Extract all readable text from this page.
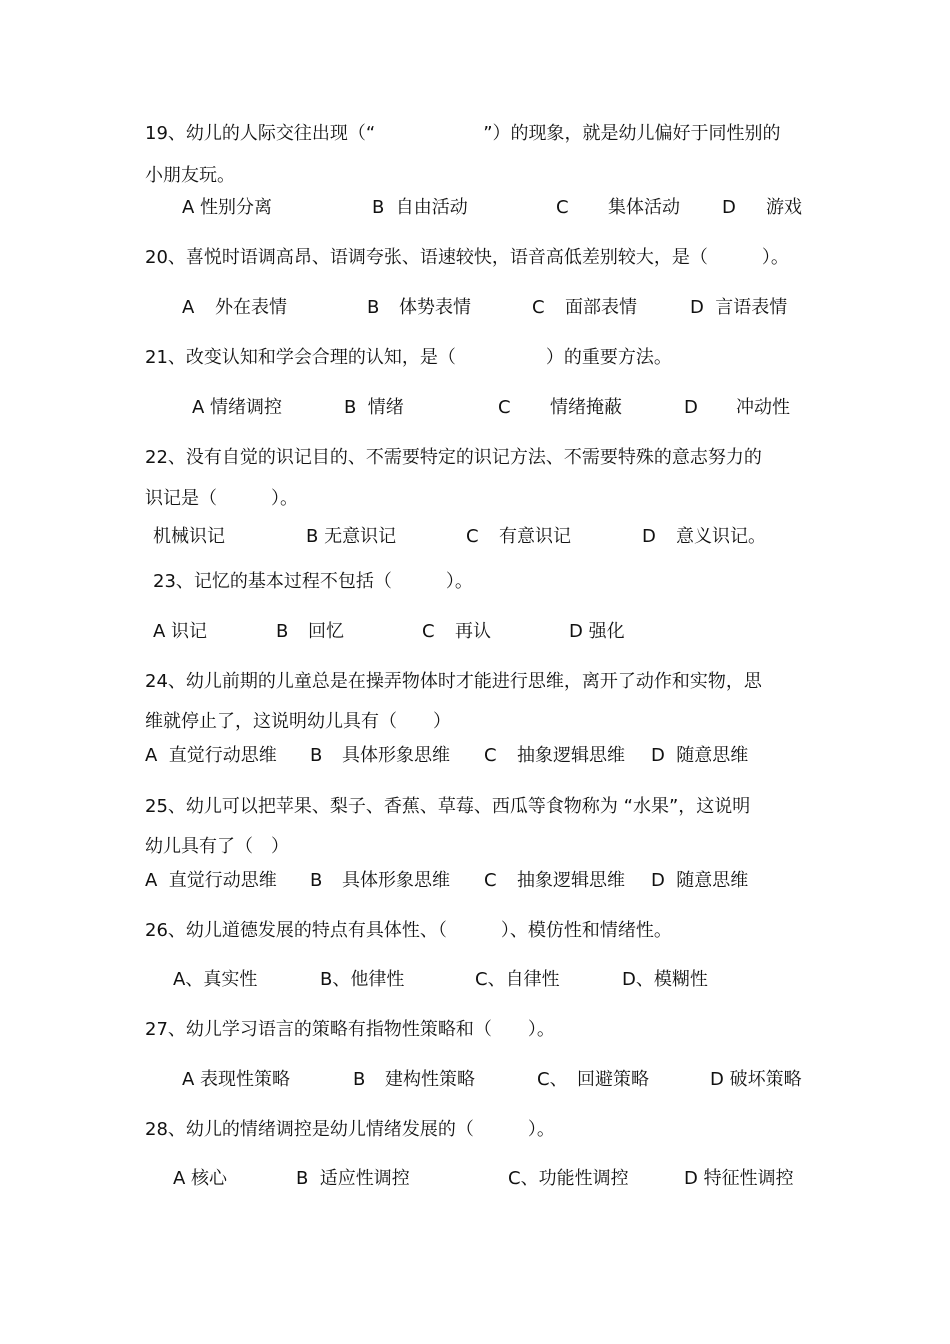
19、幼儿的人际交往出现（“　　　　　　”）的现象，就是幼儿偏好于同性别的
小朋友玩。
A 性别分离	B  自由活动	C 集体活动 D 游戏
20、喜悦时语调高昂、语调夸张、语速较快，语音高低差别较大，是（　　　）。
A 外在表情	B 体势表情	C 面部表情	D  言语表情
21、改变认知和学会合理的认知，是（　　　　　）的重要方法。
A 情绪调控	B  情绪	C 情绪掩蔽	D 冲动性
22、没有自觉的识记目的、不需要特定的识记方法、不需要特殊的意志努力的
识记是（　　　）。
机械识记	B 无意识记	C 有意识记	D 意义识记。
23、记忆的基本过程不包括（　　　）。
A 识记	B 回忆	C 再认	D 强化
24、幼儿前期的儿童总是在操弄物体时才能进行思维，离开了动作和实物，思
维就停止了，这说明幼儿具有（　　）
A  直觉行动思维 B 具体形象思维 C 抽象逻辑思维 D  随意思维
25、幼儿可以把苹果、梨子、香蕉、草莓、西瓜等食物称为 “水果”，这说明
幼儿具有了（　）
A  直觉行动思维 B 具体形象思维 C 抽象逻辑思维 D  随意思维
26、幼儿道德发展的特点有具体性、（　　　）、模仿性和情绪性。
A、真实性	B、他律性	C、自律性	D、模糊性
27、幼儿学习语言的策略有指物性策略和（　　）。
A 表现性策略	B 建构性策略	C、 回避策略	D 破坏策略
28、幼儿的情绪调控是幼儿情绪发展的（　　　）。
A 核心	B  适应性调控	C、功能性调控	D 特征性调控
